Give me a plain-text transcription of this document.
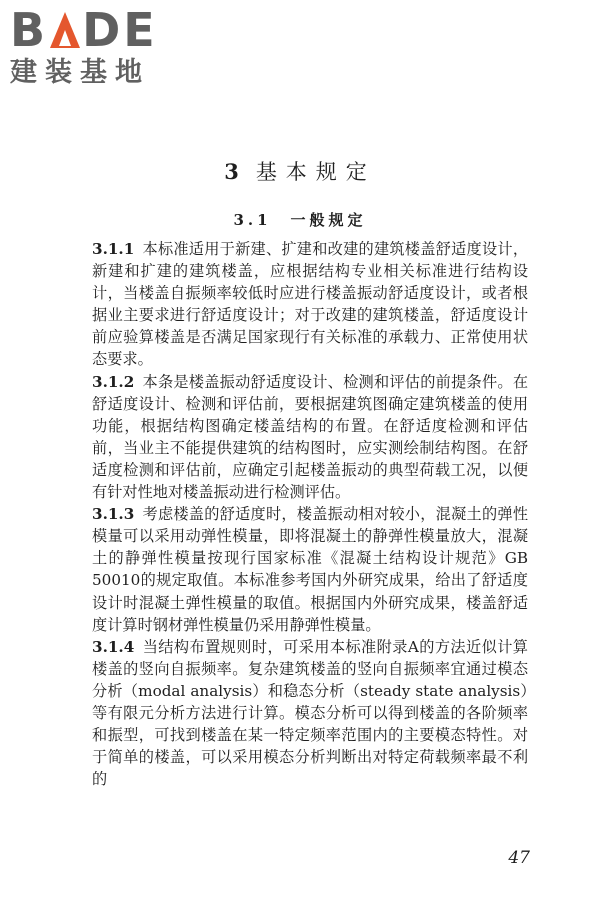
B D E
建装基地
3 基本规定
3.1　一般规定

3.1.1 本标准适用于新建、扩建和改建的建筑楼盖舒适度设计，新建和扩建的建筑楼盖，应根据结构专业相关标准进行结构设计，当楼盖自振频率较低时应进行楼盖振动舒适度设计，或者根据业主要求进行舒适度设计；对于改建的建筑楼盖，舒适度设计前应验算楼盖是否满足国家现行有关标准的承载力、正常使用状态要求。

3.1.2 本条是楼盖振动舒适度设计、检测和评估的前提条件。在舒适度设计、检测和评估前，要根据建筑图确定建筑楼盖的使用功能，根据结构图确定楼盖结构的布置。在舒适度检测和评估前，当业主不能提供建筑的结构图时，应实测绘制结构图。在舒适度检测和评估前，应确定引起楼盖振动的典型荷载工况，以便有针对性地对楼盖振动进行检测评估。

3.1.3 考虑楼盖的舒适度时，楼盖振动相对较小，混凝土的弹性模量可以采用动弹性模量，即将混凝土的静弹性模量放大，混凝土的静弹性模量按现行国家标准《混凝土结构设计规范》GB 50010的规定取值。本标准参考国内外研究成果，给出了舒适度设计时混凝土弹性模量的取值。根据国内外研究成果，楼盖舒适度计算时钢材弹性模量仍采用静弹性模量。

3.1.4 当结构布置规则时，可采用本标准附录A的方法近似计算楼盖的竖向自振频率。复杂建筑楼盖的竖向自振频率宜通过模态分析（modal analysis）和稳态分析（steady state analysis）等有限元分析方法进行计算。模态分析可以得到楼盖的各阶频率和振型，可找到楼盖在某一特定频率范围内的主要模态特性。对于简单的楼盖，可以采用模态分析判断出对特定荷载频率最不利的

47
